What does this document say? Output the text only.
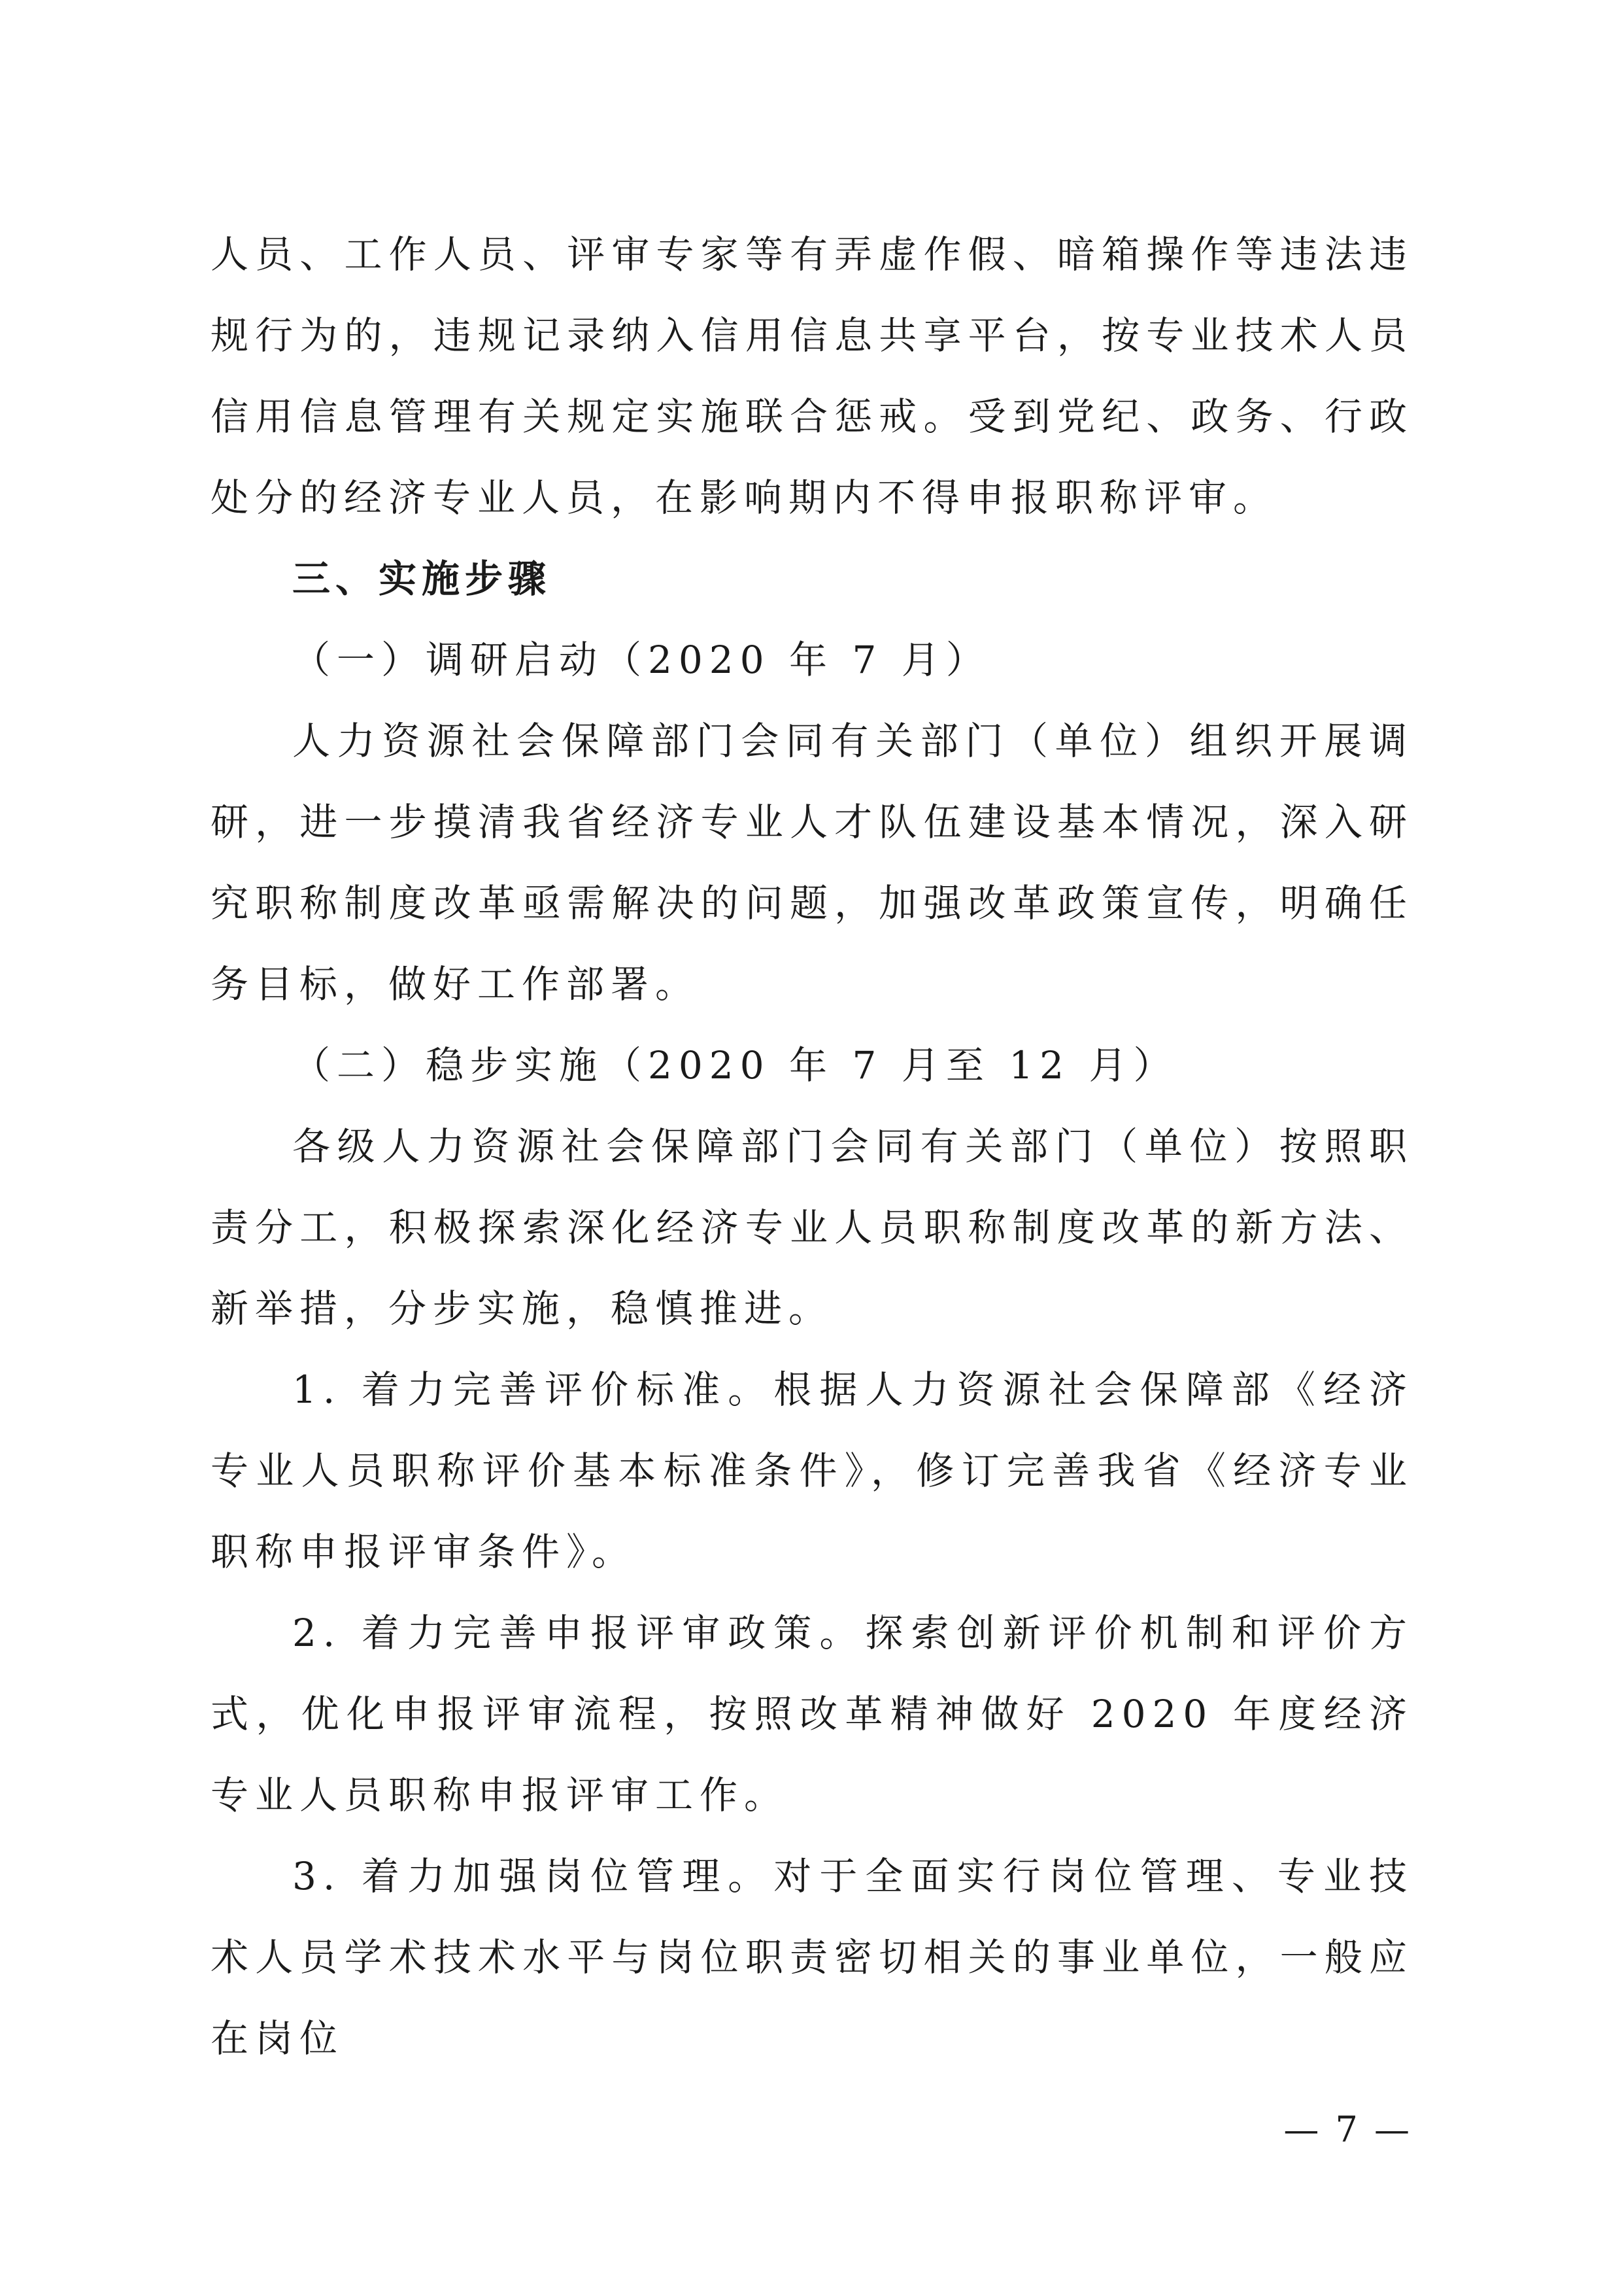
人员、工作人员、评审专家等有弄虚作假、暗箱操作等违法违规行为的，违规记录纳入信用信息共享平台，按专业技术人员信用信息管理有关规定实施联合惩戒。受到党纪、政务、行政处分的经济专业人员，在影响期内不得申报职称评审。

三、实施步骤

（一）调研启动（2020 年 7 月）

人力资源社会保障部门会同有关部门（单位）组织开展调研，进一步摸清我省经济专业人才队伍建设基本情况，深入研究职称制度改革亟需解决的问题，加强改革政策宣传，明确任务目标，做好工作部署。

（二）稳步实施（2020 年 7 月至 12 月）

各级人力资源社会保障部门会同有关部门（单位）按照职责分工，积极探索深化经济专业人员职称制度改革的新方法、新举措，分步实施，稳慎推进。

1. 着力完善评价标准。根据人力资源社会保障部《经济专业人员职称评价基本标准条件》，修订完善我省《经济专业职称申报评审条件》。

2. 着力完善申报评审政策。探索创新评价机制和评价方式，优化申报评审流程，按照改革精神做好 2020 年度经济专业人员职称申报评审工作。

3. 着力加强岗位管理。对于全面实行岗位管理、专业技术人员学术技术水平与岗位职责密切相关的事业单位，一般应在岗位

— 7 —
